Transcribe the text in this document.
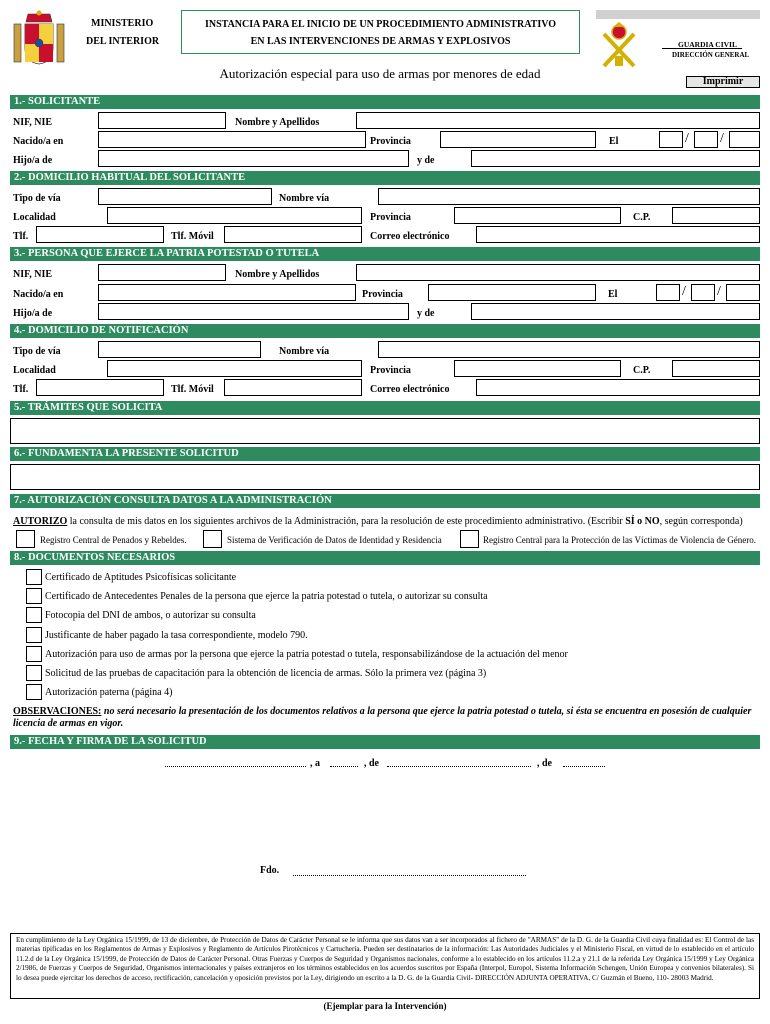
MINISTERIO
DEL INTERIOR
INSTANCIA PARA EL INICIO DE UN PROCEDIMIENTO ADMINISTRATIVO
EN LAS INTERVENCIONES DE ARMAS Y EXPLOSIVOS	GUARDIA CIVIL
DIRECCIÓN GENERAL
Autorización especial para uso de armas por menores de edad
Imprimir
1.- SOLICITANTE
NIF, NIE	Nombre y Apellidos
Nacido/a en	Provincia	El	/ /
Hijo/a de	y de
2.- DOMICILIO HABITUAL DEL SOLICITANTE
Tipo de vía	Nombre vía
Localidad	Provincia	C.P.
Tlf.	Tlf. Móvil	Correo electrónico
3.- PERSONA QUE EJERCE LA PATRIA POTESTAD O TUTELA
NIF, NIE	Nombre y Apellidos
Nacido/a en	Provincia	El	/ /
Hijo/a de	y de
4.- DOMICILIO DE NOTIFICACIÓN
Tipo de vía	Nombre vía
Localidad	Provincia	C.P.
Tlf.	Tlf. Móvil	Correo electrónico
5.- TRÁMITES QUE SOLICITA
6.- FUNDAMENTA LA PRESENTE SOLICITUD
7.- AUTORIZACIÓN CONSULTA DATOS A LA ADMINISTRACIÓN
AUTORIZO la consulta de mis datos en los siguientes archivos de la Administración, para la resolución de este procedimiento administrativo. (Escribir SÍ o NO, según corresponda)
Registro Central de Penados y Rebeldes.	Sistema de Verificación de Datos de Identidad y Residencia	Registro Central para la Protección de las Víctimas de Violencia de Género.
8.- DOCUMENTOS NECESARIOS
Certificado de Aptitudes Psicofísicas solicitante
Certificado de Antecedentes Penales de la persona que ejerce la patria potestad o tutela, o autorizar su consulta
Fotocopia del DNI de ambos, o autorizar su consulta
Justificante de haber pagado la tasa correspondiente, modelo 790.
Autorización para uso de armas por la persona que ejerce la patria potestad o tutela, responsabilizándose de la actuación del menor
Solicitud de las pruebas de capacitación para la obtención de licencia de armas. Sólo la primera vez (página 3)
Autorización paterna (página 4)
OBSERVACIONES: no será necesario la presentación de los documentos relativos a la persona que ejerce la patria potestad o tutela, si ésta se encuentra en posesión de cualquier
licencia de armas en vigor.
9.- FECHA Y FIRMA DE LA SOLICITUD
, a	, de	, de
Fdo.
En cumplimiento de la Ley Orgánica 15/1999, de 13 de diciembre, de Protección de Datos de Carácter Personal se le informa que sus datos van a ser incorporados al fichero de "ARMAS" de la D. G. de la Guardia Civil cuya finalidad es: El Control de las materias tipificadas en los Reglamentos de Armas y Explosivos y Reglamento de Artículos Pirotécnicos y Cartuchería. Pueden ser destinatarios de la información: Las Autoridades Judiciales y el Ministerio Fiscal, en virtud de lo establecido en el artículo 11.2.d de la Ley Orgánica 15/1999, de Protección de Datos de Carácter Personal. Otras Fuerzas y Cuerpos de Seguridad y Organismos nacionales, conforme a lo establecido en los artículos 11.2.a y 21.1 de la referida Ley Orgánica 15/1999 y Ley Orgánica 2/1986, de Fuerzas y Cuerpos de Seguridad, Organismos internacionales y países extranjeros en los términos establecidos en los acuerdos suscritos por España (Interpol, Europol, Sistema Información Schengen, Unión Europea y convenios bilaterales). Si lo desea puede ejercitar los derechos de acceso, rectificación, cancelación y oposición previstos por la Ley, dirigiendo un escrito a la D. G. de la Guardia Civil- DIRECCIÓN ADJUNTA OPERATIVA, C/ Guzmán el Bueno, 110- 28003 Madrid.
(Ejemplar para la Intervención)
